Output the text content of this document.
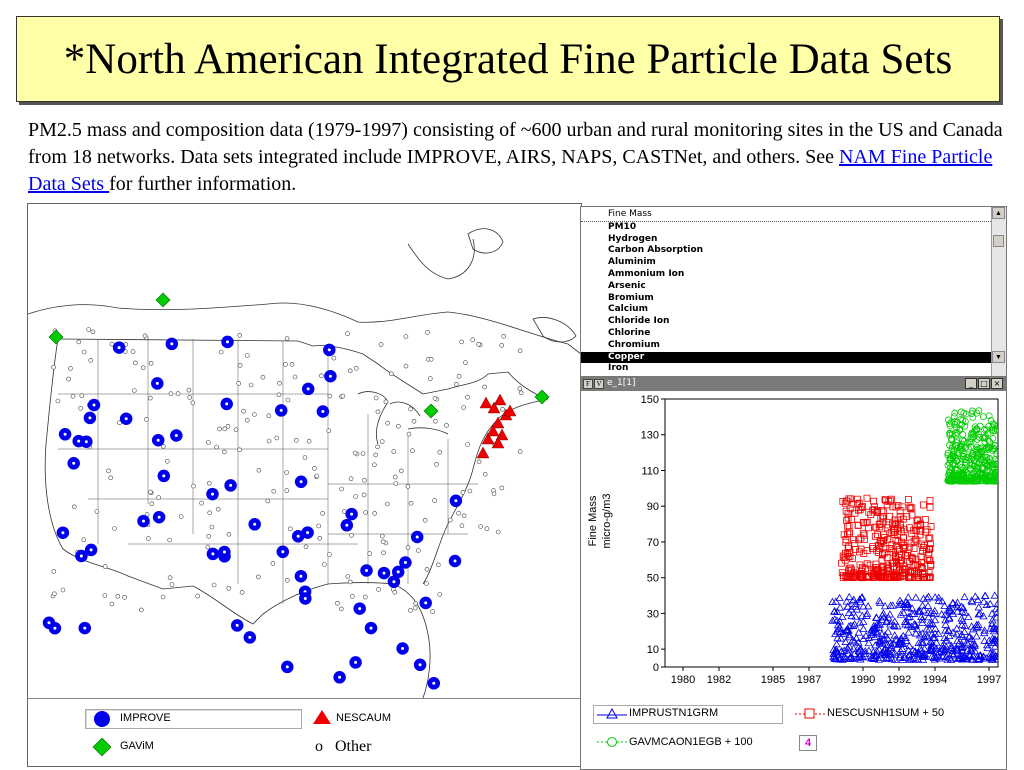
*North American Integrated Fine Particle Data Sets

PM2.5 mass and composition data (1979-1997) consisting of ~600 urban and rural monitoring sites in the US and Canada from 18 networks. Data sets integrated include IMPROVE, AIRS, NAPS, CASTNet, and others. See NAM Fine Particle Data Sets for further information.

IMPROVE	NESCAUM
GAViM	o Other
Fine Mass
PM10
Hydrogen
Carbon Absorption
Aluminim
Ammonium Ion
Arsenic
Bromium
Calcium
Chloride Ion
Chlorine
Chromium
Copper
Iron
▲
▼
F V e_1[1]	_ □ ×
0
10
30
50
70
90
110
130
150
1980 1982	1985 1987	1990 1992 1994	1997
Fine Mass micro-g/m3
IMPRUSTN1GRM	NESCUSNH1SUM + 50
GAVMCAON1EGB + 100	4
